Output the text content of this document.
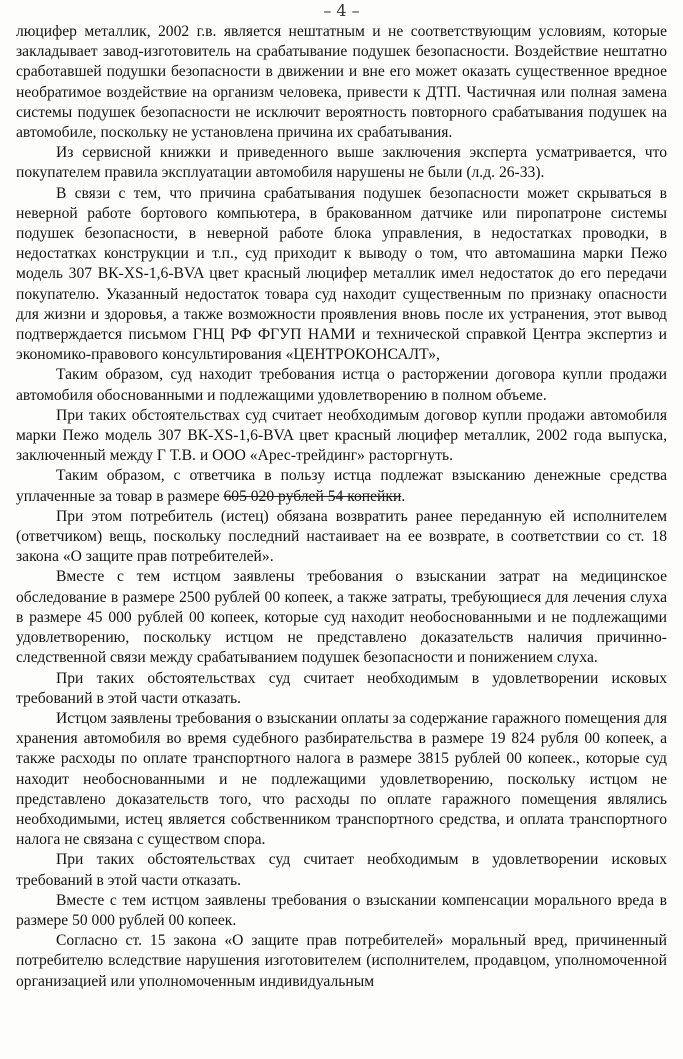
– 4 –

люцифер металлик, 2002 г.в. является нештатным и не соответствующим условиям, которые закладывает завод-изготовитель на срабатывание подушек безопасности. Воздействие нештатно сработавшей подушки безопасности в движении и вне его может оказать существенное вредное необратимое воздействие на организм человека, привести к ДТП. Частичная или полная замена системы подушек безопасности не исключит вероятность повторного срабатывания подушек на автомобиле, поскольку не установлена причина их срабатывания.

Из сервисной книжки и приведенного выше заключения эксперта усматривается, что покупателем правила эксплуатации автомобиля нарушены не были (л.д. 26-33).

В связи с тем, что причина срабатывания подушек безопасности может скрываться в неверной работе бортового компьютера, в бракованном датчике или пиропатроне системы подушек безопасности, в неверной работе блока управления, в недостатках проводки, в недостатках конструкции и т.п., суд приходит к выводу о том, что автомашина марки Пежо модель 307 ВК-XS-1,6-BVA цвет красный люцифер металлик имел недостаток до его передачи покупателю. Указанный недостаток товара суд находит существенным по признаку опасности для жизни и здоровья, а также возможности проявления вновь после их устранения, этот вывод подтверждается письмом ГНЦ РФ ФГУП НАМИ и технической справкой Центра экспертиз и экономико-правового консультирования «ЦЕНТРОКОНСАЛТ»,

Таким образом, суд находит требования истца о расторжении договора купли продажи автомобиля обоснованными и подлежащими удовлетворению в полном объеме.

При таких обстоятельствах суд считает необходимым договор купли продажи автомобиля марки Пежо модель 307 ВК-XS-1,6-BVA цвет красный люцифер металлик, 2002 года выпуска, заключенный между Г Т.В. и ООО «Арес-трейдинг» расторгнуть.

Таким образом, с ответчика в пользу истца подлежат взысканию денежные средства уплаченные за товар в размере 605 020 рублей 54 копейки.

При этом потребитель (истец) обязана возвратить ранее переданную ей исполнителем (ответчиком) вещь, поскольку последний настаивает на ее возврате, в соответствии со ст. 18 закона «О защите прав потребителей».

Вместе с тем истцом заявлены требования о взыскании затрат на медицинское обследование в размере 2500 рублей 00 копеек, а также затраты, требующиеся для лечения слуха в размере 45 000 рублей 00 копеек, которые суд находит необоснованными и не подлежащими удовлетворению, поскольку истцом не представлено доказательств наличия причинно-следственной связи между срабатыванием подушек безопасности и понижением слуха.

При таких обстоятельствах суд считает необходимым в удовлетворении исковых требований в этой части отказать.

Истцом заявлены требования о взыскании оплаты за содержание гаражного помещения для хранения автомобиля во время судебного разбирательства в размере 19 824 рубля 00 копеек, а также расходы по оплате транспортного налога в размере 3815 рублей 00 копеек., которые суд находит необоснованными и не подлежащими удовлетворению, поскольку истцом не представлено доказательств того, что расходы по оплате гаражного помещения являлись необходимыми, истец является собственником транспортного средства, и оплата транспортного налога не связана с существом спора.

При таких обстоятельствах суд считает необходимым в удовлетворении исковых требований в этой части отказать.

Вместе с тем истцом заявлены требования о взыскании компенсации морального вреда в размере 50 000 рублей 00 копеек.

Согласно ст. 15 закона «О защите прав потребителей» моральный вред, причиненный потребителю вследствие нарушения изготовителем (исполнителем, продавцом, уполномоченной организацией или уполномоченным индивидуальным
